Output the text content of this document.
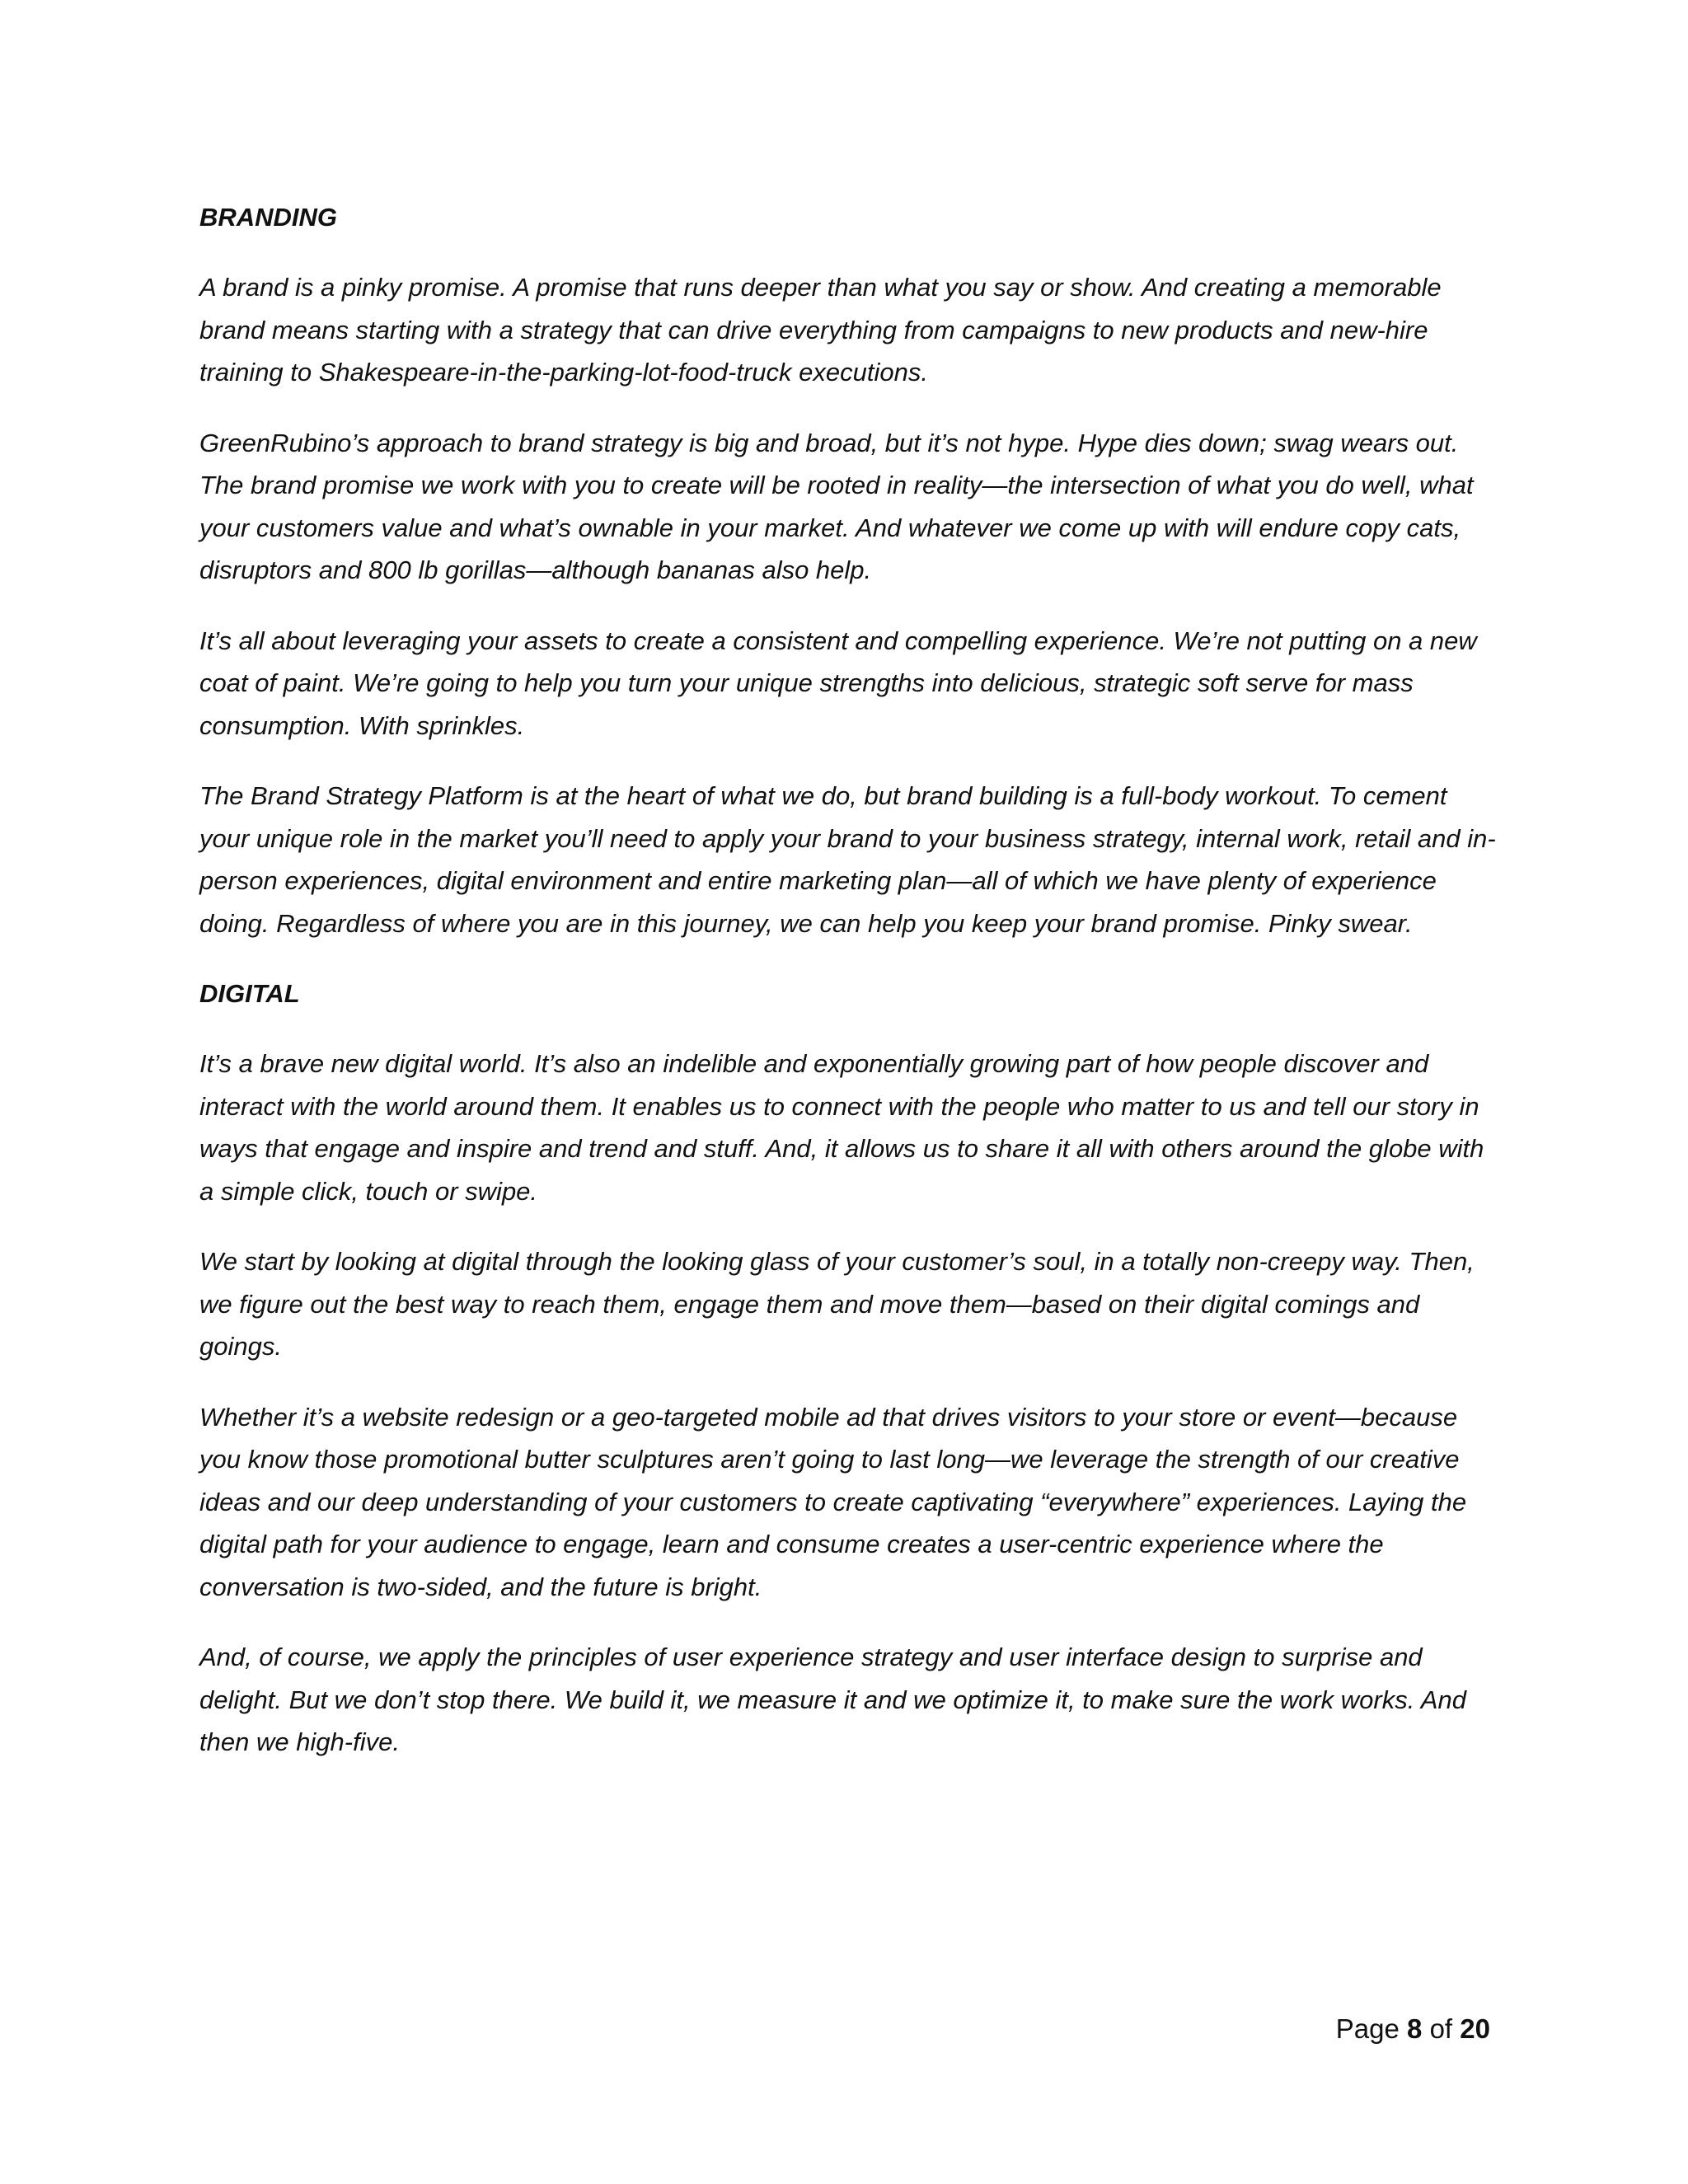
BRANDING

A brand is a pinky promise. A promise that runs deeper than what you say or show. And creating a memorable brand means starting with a strategy that can drive everything from campaigns to new products and new-hire training to Shakespeare-in-the-parking-lot-food-truck executions.

GreenRubino’s approach to brand strategy is big and broad, but it’s not hype. Hype dies down; swag wears out. The brand promise we work with you to create will be rooted in reality—the intersection of what you do well, what your customers value and what’s ownable in your market. And whatever we come up with will endure copy cats, disruptors and 800 lb gorillas—although bananas also help.

It’s all about leveraging your assets to create a consistent and compelling experience. We’re not putting on a new coat of paint. We’re going to help you turn your unique strengths into delicious, strategic soft serve for mass consumption. With sprinkles.

The Brand Strategy Platform is at the heart of what we do, but brand building is a full-body workout. To cement your unique role in the market you’ll need to apply your brand to your business strategy, internal work, retail and in-person experiences, digital environment and entire marketing plan—all of which we have plenty of experience doing. Regardless of where you are in this journey, we can help you keep your brand promise. Pinky swear.

DIGITAL

It’s a brave new digital world. It’s also an indelible and exponentially growing part of how people discover and interact with the world around them. It enables us to connect with the people who matter to us and tell our story in ways that engage and inspire and trend and stuff. And, it allows us to share it all with others around the globe with a simple click, touch or swipe.

We start by looking at digital through the looking glass of your customer’s soul, in a totally non-creepy way. Then, we figure out the best way to reach them, engage them and move them—based on their digital comings and goings.

Whether it’s a website redesign or a geo-targeted mobile ad that drives visitors to your store or event—because you know those promotional butter sculptures aren’t going to last long—we leverage the strength of our creative ideas and our deep understanding of your customers to create captivating “everywhere” experiences. Laying the digital path for your audience to engage, learn and consume creates a user-centric experience where the conversation is two-sided, and the future is bright.

And, of course, we apply the principles of user experience strategy and user interface design to surprise and delight. But we don’t stop there. We build it, we measure it and we optimize it, to make sure the work works. And then we high-five.

Page 8 of 20
